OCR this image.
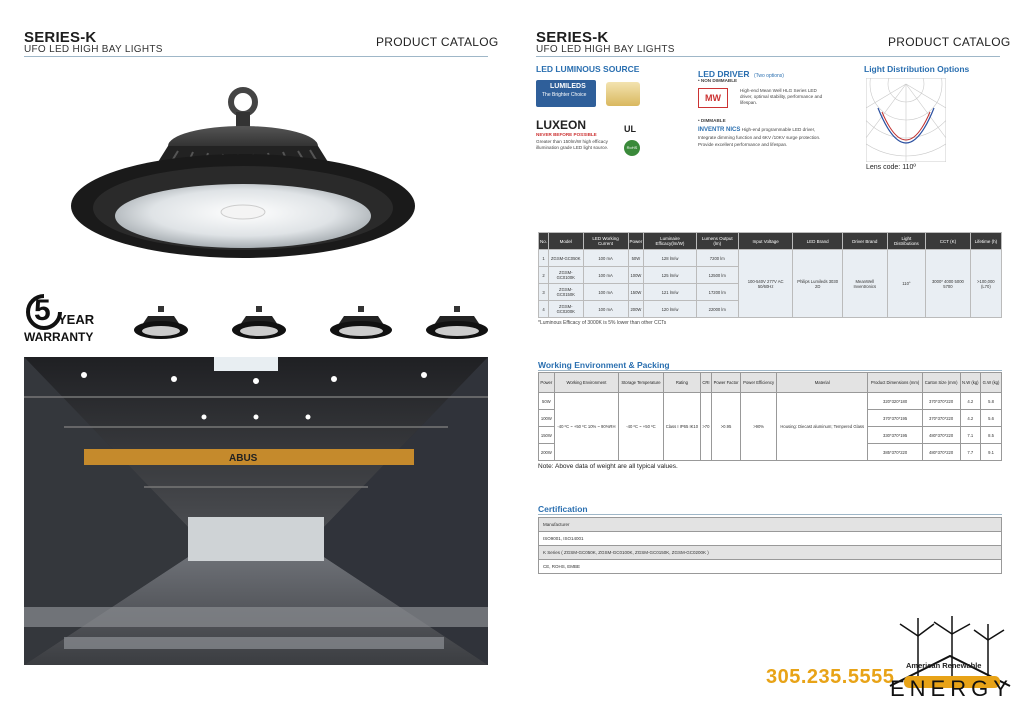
SERIES-K
UFO LED HIGH BAY LIGHTS
PRODUCT CATALOG
5 YEAR
WARRANTY
ABUS
SERIES-K
UFO LED HIGH BAY LIGHTS
PRODUCT CATALOG
LED LUMINOUS SOURCE
LUMILEDS
The Brighter Choice
LUXEON
NEVER BEFORE POSSIBLE
Greater than 150lm/W high efficacy illumination grade LED light source.
UL
RoHS
LED DRIVER (Two options)
• NON DIMMABLE
MW
High-end Mean Well HLG Series LED driver, optimal stability, performance and lifespan.
• DIMMABLE
INVENTR NICS High-end programmable LED driver, Integrate dimming function and 6KV /10KV surge protection. Provide excellent performance and lifespan.
Light Distribution Options
Lens code: 110º
No.	Model	LED Working Current	Power	Luminaire Efficacy(lm/W)	Lumens Output (lm)	Input Voltage	LED Brand	Driver Brand	Light Distributions	CCT (K)	Lifetime (h)
1	ZGSM-GC050K	100 mA	50W	128 lm/w	7200 lm	100-540V 277V AC 50/60Hz	Philips Lumileds 3030 2D	MeanWell Inventronics	110°	3000* 4000 5000 5700	>100,000 (L70)
2	ZGSM-GC0100K	100 mA	100W	125 lm/w	12500 lm						
3	ZGSM-GC0150K	100 mA	150W	121 lm/w	17200 lm						
4	ZGSM-GC0200K	100 mA	200W	120 lm/w	22000 lm						
*Luminous Efficacy of 3000K is 5% lower than other CCTs
Working Environment & Packing
Power	Working Environment	Storage Temperature	Rating	CRI	Power Factor	Power Efficiency	Material	Product Dimensions (mm)	Carton Size (mm)	N.W (kg)	G.W (kg)
50W	-40 ºC ~ +50 ºC 10% ~ 90%RH	-40 ºC ~ +50 ºC	Class I IP65 IK10	>70	>0.95	>90%	Housing: Diecast aluminum; Tempered Glass	320*320*180	370*370*220	4.2	5.8
100W								370*370*195	370*370*220	4.2	5.6
150W								330*370*195	480*370*220	7.1	8.5
200W								385*370*220	480*370*220	7.7	9.1
Note: Above data of weight are all typical values.
Certification
Manufacturer
ISO9001, ISO14001
K Series ( ZGSM-GC050K, ZGSM-GC0100K, ZGSM-GC0150K, ZGSM-GC0200K )
CE, ROHS, EMBE
305.235.5555
American Renewable
ENERGY
